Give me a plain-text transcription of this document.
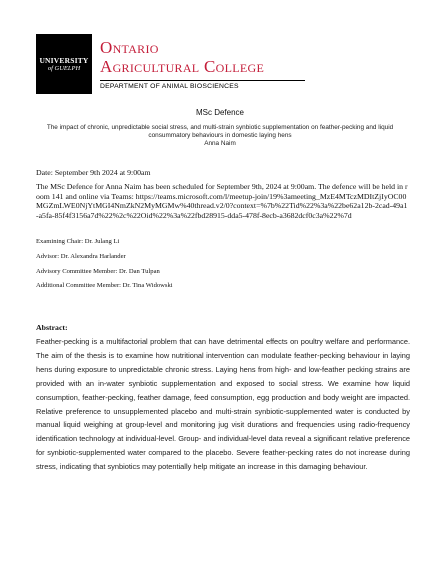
UNIVERSITY
of GUELPH
Ontario
Agricultural College
DEPARTMENT OF ANIMAL BIOSCIENCES
MSc Defence
The impact of chronic, unpredictable social stress, and multi-strain synbiotic supplementation on feather-pecking and liquid consummatory behaviours in domestic laying hens
Anna Naim
Date: September 9th 2024 at 9:00am
The MSc Defence for Anna Naim has been scheduled for September 9th, 2024 at 9:00am. The defence will be held in room 141 and online via Teams: https://teams.microsoft.com/l/meetup-join/19%3ameeting_MzE4MTczMDItZjIyOC00MGZmLWE0NjYtMGI4NmZkN2MyMGMw%40thread.v2/0?context=%7b%22Tid%22%3a%22be62a12b-2cad-49a1-a5fa-85f4f3156a7d%22%2c%22Oid%22%3a%22fbd28915-dda5-478f-8ecb-a3682dcf0c3a%22%7d
Examining Chair: Dr. Julang Li
Advisor: Dr. Alexandra Harlander
Advisory Committee Member: Dr. Dan Tulpan
Additional Committee Member: Dr. Tina Widowski
Abstract:
Feather-pecking is a multifactorial problem that can have detrimental effects on poultry welfare and performance. The aim of the thesis is to examine how nutritional intervention can modulate feather-pecking behaviour in laying hens during exposure to unpredictable chronic stress. Laying hens from high- and low-feather pecking strains are provided with an in-water synbiotic supplementation and exposed to social stress. We examine how liquid consumption, feather-pecking, feather damage, feed consumption, egg production and body weight are impacted. Relative preference to unsupplemented placebo and multi-strain synbiotic-supplemented water is conducted by manual liquid weighing at group-level and monitoring jug visit durations and frequencies using radio-frequency identification technology at individual-level. Group- and individual-level data reveal a significant relative preference for synbiotic-supplemented water compared to the placebo. Severe feather-pecking rates do not increase during stress, indicating that synbiotics may potentially help mitigate an increase in this damaging behaviour.
